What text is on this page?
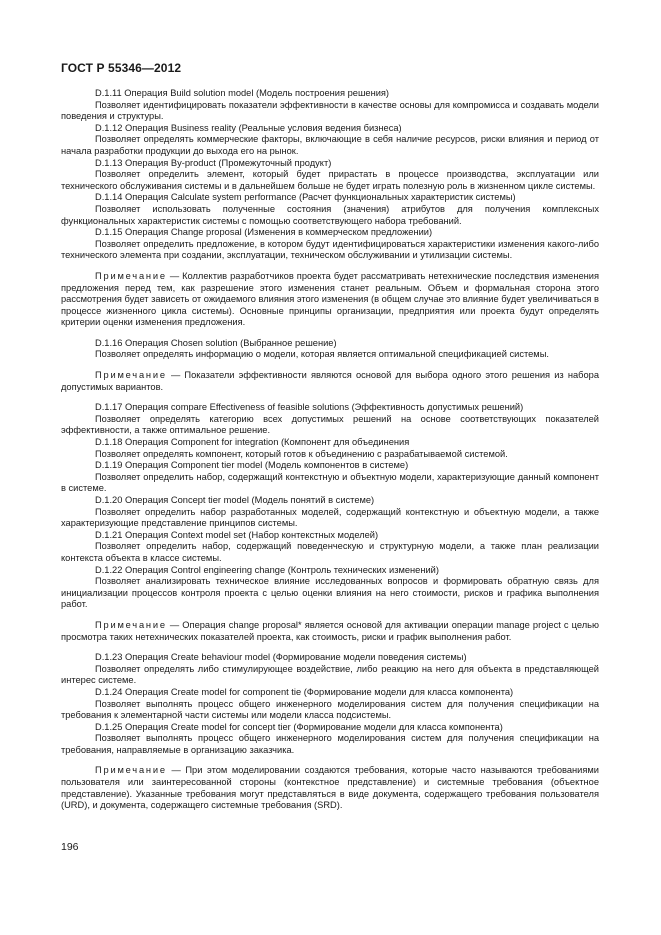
ГОСТ Р 55346—2012

D.1.11 Операция Build solution model (Модель построения решения)

Позволяет идентифицировать показатели эффективности в качестве основы для компромисса и создавать модели поведения и структуры.

D.1.12 Операция Business reality (Реальные условия ведения бизнеса)

Позволяет определять коммерческие факторы, включающие в себя наличие ресурсов, риски влияния и период от начала разработки продукции до выхода его на рынок.

D.1.13 Операция By-product (Промежуточный продукт)

Позволяет определить элемент, который будет прирастать в процессе производства, эксплуатации или технического обслуживания системы и в дальнейшем больше не будет играть полезную роль в жизненном цикле системы.

D.1.14 Операция Calculate system performance (Расчет функциональных характеристик системы)

Позволяет использовать полученные состояния (значения) атрибутов для получения комплексных функциональных характеристик системы с помощью соответствующего набора требований.

D.1.15 Операция Change proposal (Изменения в коммерческом предложении)

Позволяет определить предложение, в котором будут идентифицироваться характеристики изменения какого-либо технического элемента при создании, эксплуатации, техническом обслуживании и утилизации системы.

Примечание — Коллектив разработчиков проекта будет рассматривать нетехнические последствия изменения предложения перед тем, как разрешение этого изменения станет реальным. Объем и формальная сторона этого рассмотрения будет зависеть от ожидаемого влияния этого изменения (в общем случае это влияние будет увеличиваться в процессе жизненного цикла системы). Основные принципы организации, предприятия или проекта будут определять критерии оценки изменения предложения.

D.1.16 Операция Chosen solution (Выбранное решение)

Позволяет определять информацию о модели, которая является оптимальной спецификацией системы.

Примечание — Показатели эффективности являются основой для выбора одного этого решения из набора допустимых вариантов.

D.1.17 Операция compare Effectiveness of feasible solutions (Эффективность допустимых решений)

Позволяет определять категорию всех допустимых решений на основе соответствующих показателей эффективности, а также оптимальное решение.

D.1.18 Операция Component for integration (Компонент для объединения

Позволяет определять компонент, который готов к объединению с разрабатываемой системой.

D.1.19 Операция Component tier model (Модель компонентов в системе)

Позволяет определить набор, содержащий контекстную и объектную модели, характеризующие данный компонент в системе.

D.1.20 Операция Concept tier model (Модель понятий в системе)

Позволяет определить набор разработанных моделей, содержащий контекстную и объектную модели, а также характеризующие представление принципов системы.

D.1.21 Операция Context model set (Набор контекстных моделей)

Позволяет определить набор, содержащий поведенческую и структурную модели, а также план реализации контекста объекта в классе системы.

D.1.22 Операция Control engineering change (Контроль технических изменений)

Позволяет анализировать техническое влияние исследованных вопросов и формировать обратную связь для инициализации процессов контроля проекта с целью оценки влияния на него стоимости, рисков и графика выполнения работ.

Примечание — Операция change proposal* является основой для активации операции manage project с целью просмотра таких нетехнических показателей проекта, как стоимость, риски и график выполнения работ.

D.1.23 Операция Create behaviour model (Формирование модели поведения системы)

Позволяет определять либо стимулирующее воздействие, либо реакцию на него для объекта в представляющей интерес системе.

D.1.24 Операция Create model for component tie (Формирование модели для класса компонента)

Позволяет выполнять процесс общего инженерного моделирования систем для получения спецификации на требования к элементарной части системы или модели класса подсистемы.

D.1.25 Операция Create model for concept tier (Формирование модели для класса компонента)

Позволяет выполнять процесс общего инженерного моделирования систем для получения спецификации на требования, направляемые в организацию заказчика.

Примечание — При этом моделировании создаются требования, которые часто называются требованиями пользователя или заинтересованной стороны (контекстное представление) и системные требования (объектное представление). Указанные требования могут представляться в виде документа, содержащего требования пользователя (URD), и документа, содержащего системные требования (SRD).

196
